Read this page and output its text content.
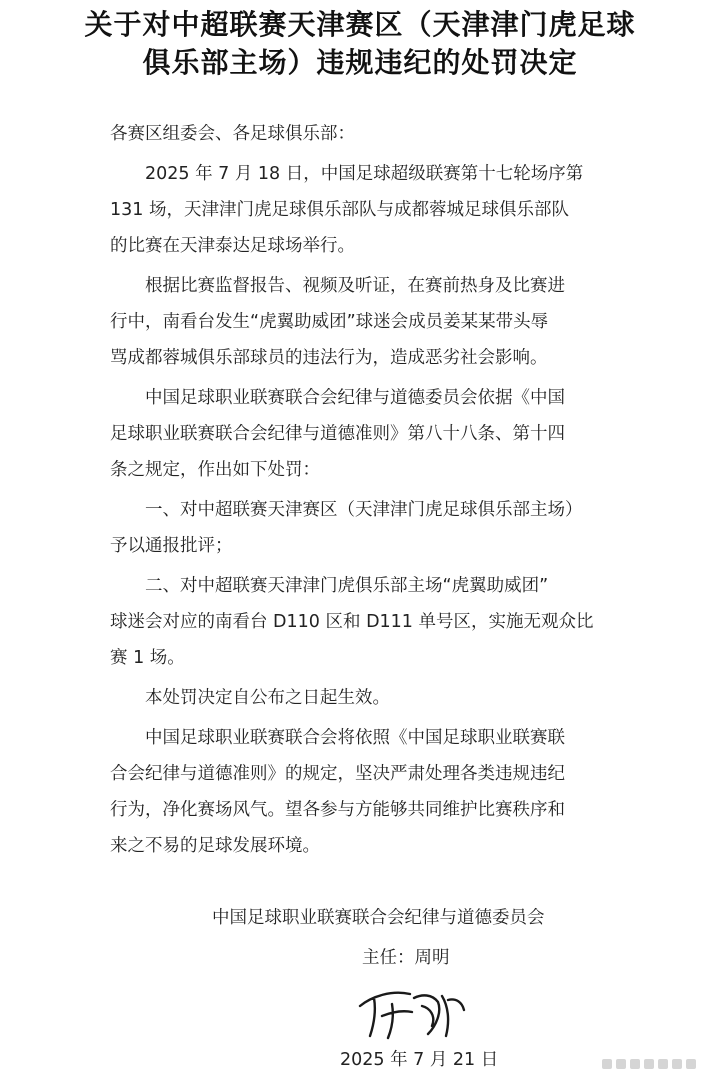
关于对中超联赛天津赛区（天津津门虎足球
俱乐部主场）违规违纪的处罚决定
各赛区组委会、各足球俱乐部：
2025 年 7 月 18 日，中国足球超级联赛第十七轮场序第
131 场，天津津门虎足球俱乐部队与成都蓉城足球俱乐部队
的比赛在天津泰达足球场举行。
根据比赛监督报告、视频及听证，在赛前热身及比赛进
行中，南看台发生“虎翼助威团”球迷会成员姜某某带头辱
骂成都蓉城俱乐部球员的违法行为，造成恶劣社会影响。
中国足球职业联赛联合会纪律与道德委员会依据《中国
足球职业联赛联合会纪律与道德准则》第八十八条、第十四
条之规定，作出如下处罚：
一、对中超联赛天津赛区（天津津门虎足球俱乐部主场）
予以通报批评；
二、对中超联赛天津津门虎俱乐部主场“虎翼助威团”
球迷会对应的南看台 D110 区和 D111 单号区，实施无观众比
赛 1 场。
本处罚决定自公布之日起生效。
中国足球职业联赛联合会将依照《中国足球职业联赛联
合会纪律与道德准则》的规定，坚决严肃处理各类违规违纪
行为，净化赛场风气。望各参与方能够共同维护比赛秩序和
来之不易的足球发展环境。
中国足球职业联赛联合会纪律与道德委员会
主任：周明
2025 年 7 月 21 日
